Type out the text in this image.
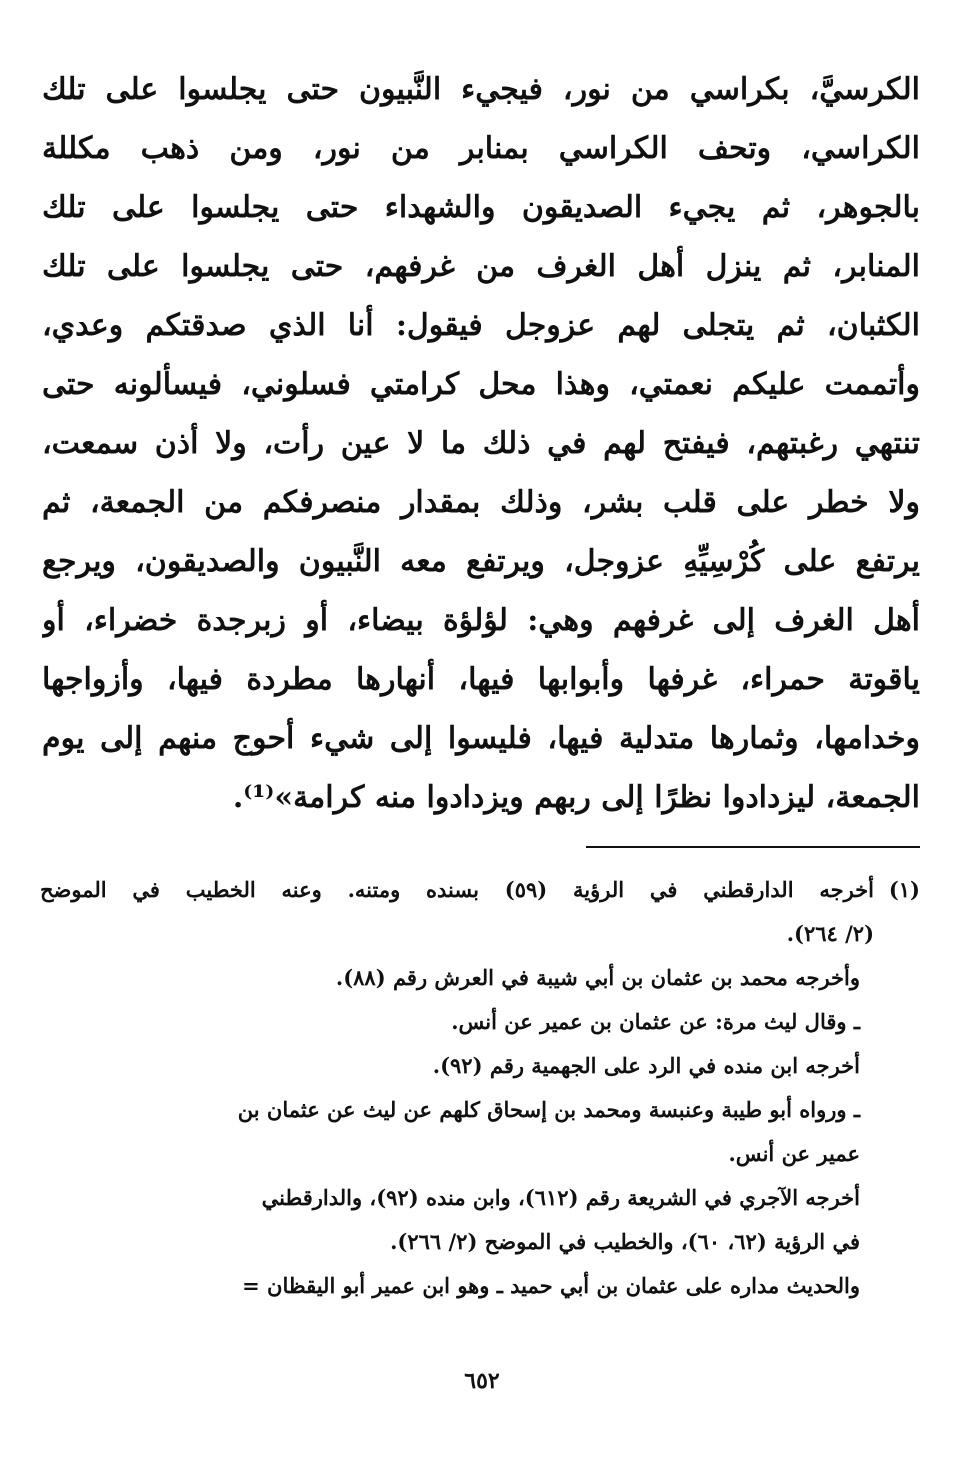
الكرسيَّ، بكراسي من نور، فيجيء النَّبيون حتى يجلسوا على تلك
الكراسي، وتحف الكراسي بمنابر من نور، ومن ذهب مكللة
بالجوهر، ثم يجيء الصديقون والشهداء حتى يجلسوا على تلك
المنابر، ثم ينزل أهل الغرف من غرفهم، حتى يجلسوا على تلك
الكثبان، ثم يتجلى لهم عزوجل فيقول: أنا الذي صدقتكم وعدي،
وأتممت عليكم نعمتي، وهذا محل كرامتي فسلوني، فيسألونه حتى
تنتهي رغبتهم، فيفتح لهم في ذلك ما لا عين رأت، ولا أذن سمعت،
ولا خطر على قلب بشر، وذلك بمقدار منصرفكم من الجمعة، ثم
يرتفع على كُرْسِيِّهِ عزوجل، ويرتفع معه النَّبيون والصديقون، ويرجع
أهل الغرف إلى غرفهم وهي: لؤلؤة بيضاء، أو زبرجدة خضراء، أو
ياقوتة حمراء، غرفها وأبوابها فيها، أنهارها مطردة فيها، وأزواجها
وخدامها، وثمارها متدلية فيها، فليسوا إلى شيء أحوج منهم إلى يوم
الجمعة، ليزدادوا نظرًا إلى ربهم ويزدادوا منه كرامة»⁽¹⁾.
(١)أخرجه الدارقطني في الرؤية (٥٩) بسنده ومتنه. وعنه الخطيب في الموضح
(٢/ ٢٦٤).
وأخرجه محمد بن عثمان بن أبي شيبة في العرش رقم (٨٨).
ـ وقال ليث مرة: عن عثمان بن عمير عن أنس.
أخرجه ابن منده في الرد على الجهمية رقم (٩٢).
ـ ورواه أبو طيبة وعنبسة ومحمد بن إسحاق كلهم عن ليث عن عثمان بن
عمير عن أنس.
أخرجه الآجري في الشريعة رقم (٦١٢)، وابن منده (٩٢)، والدارقطني
في الرؤية (٦٢، ٦٠)، والخطيب في الموضح (٢/ ٢٦٦).
والحديث مداره على عثمان بن أبي حميد ـ وهو ابن عمير أبو اليقظان =
٦٥٢
